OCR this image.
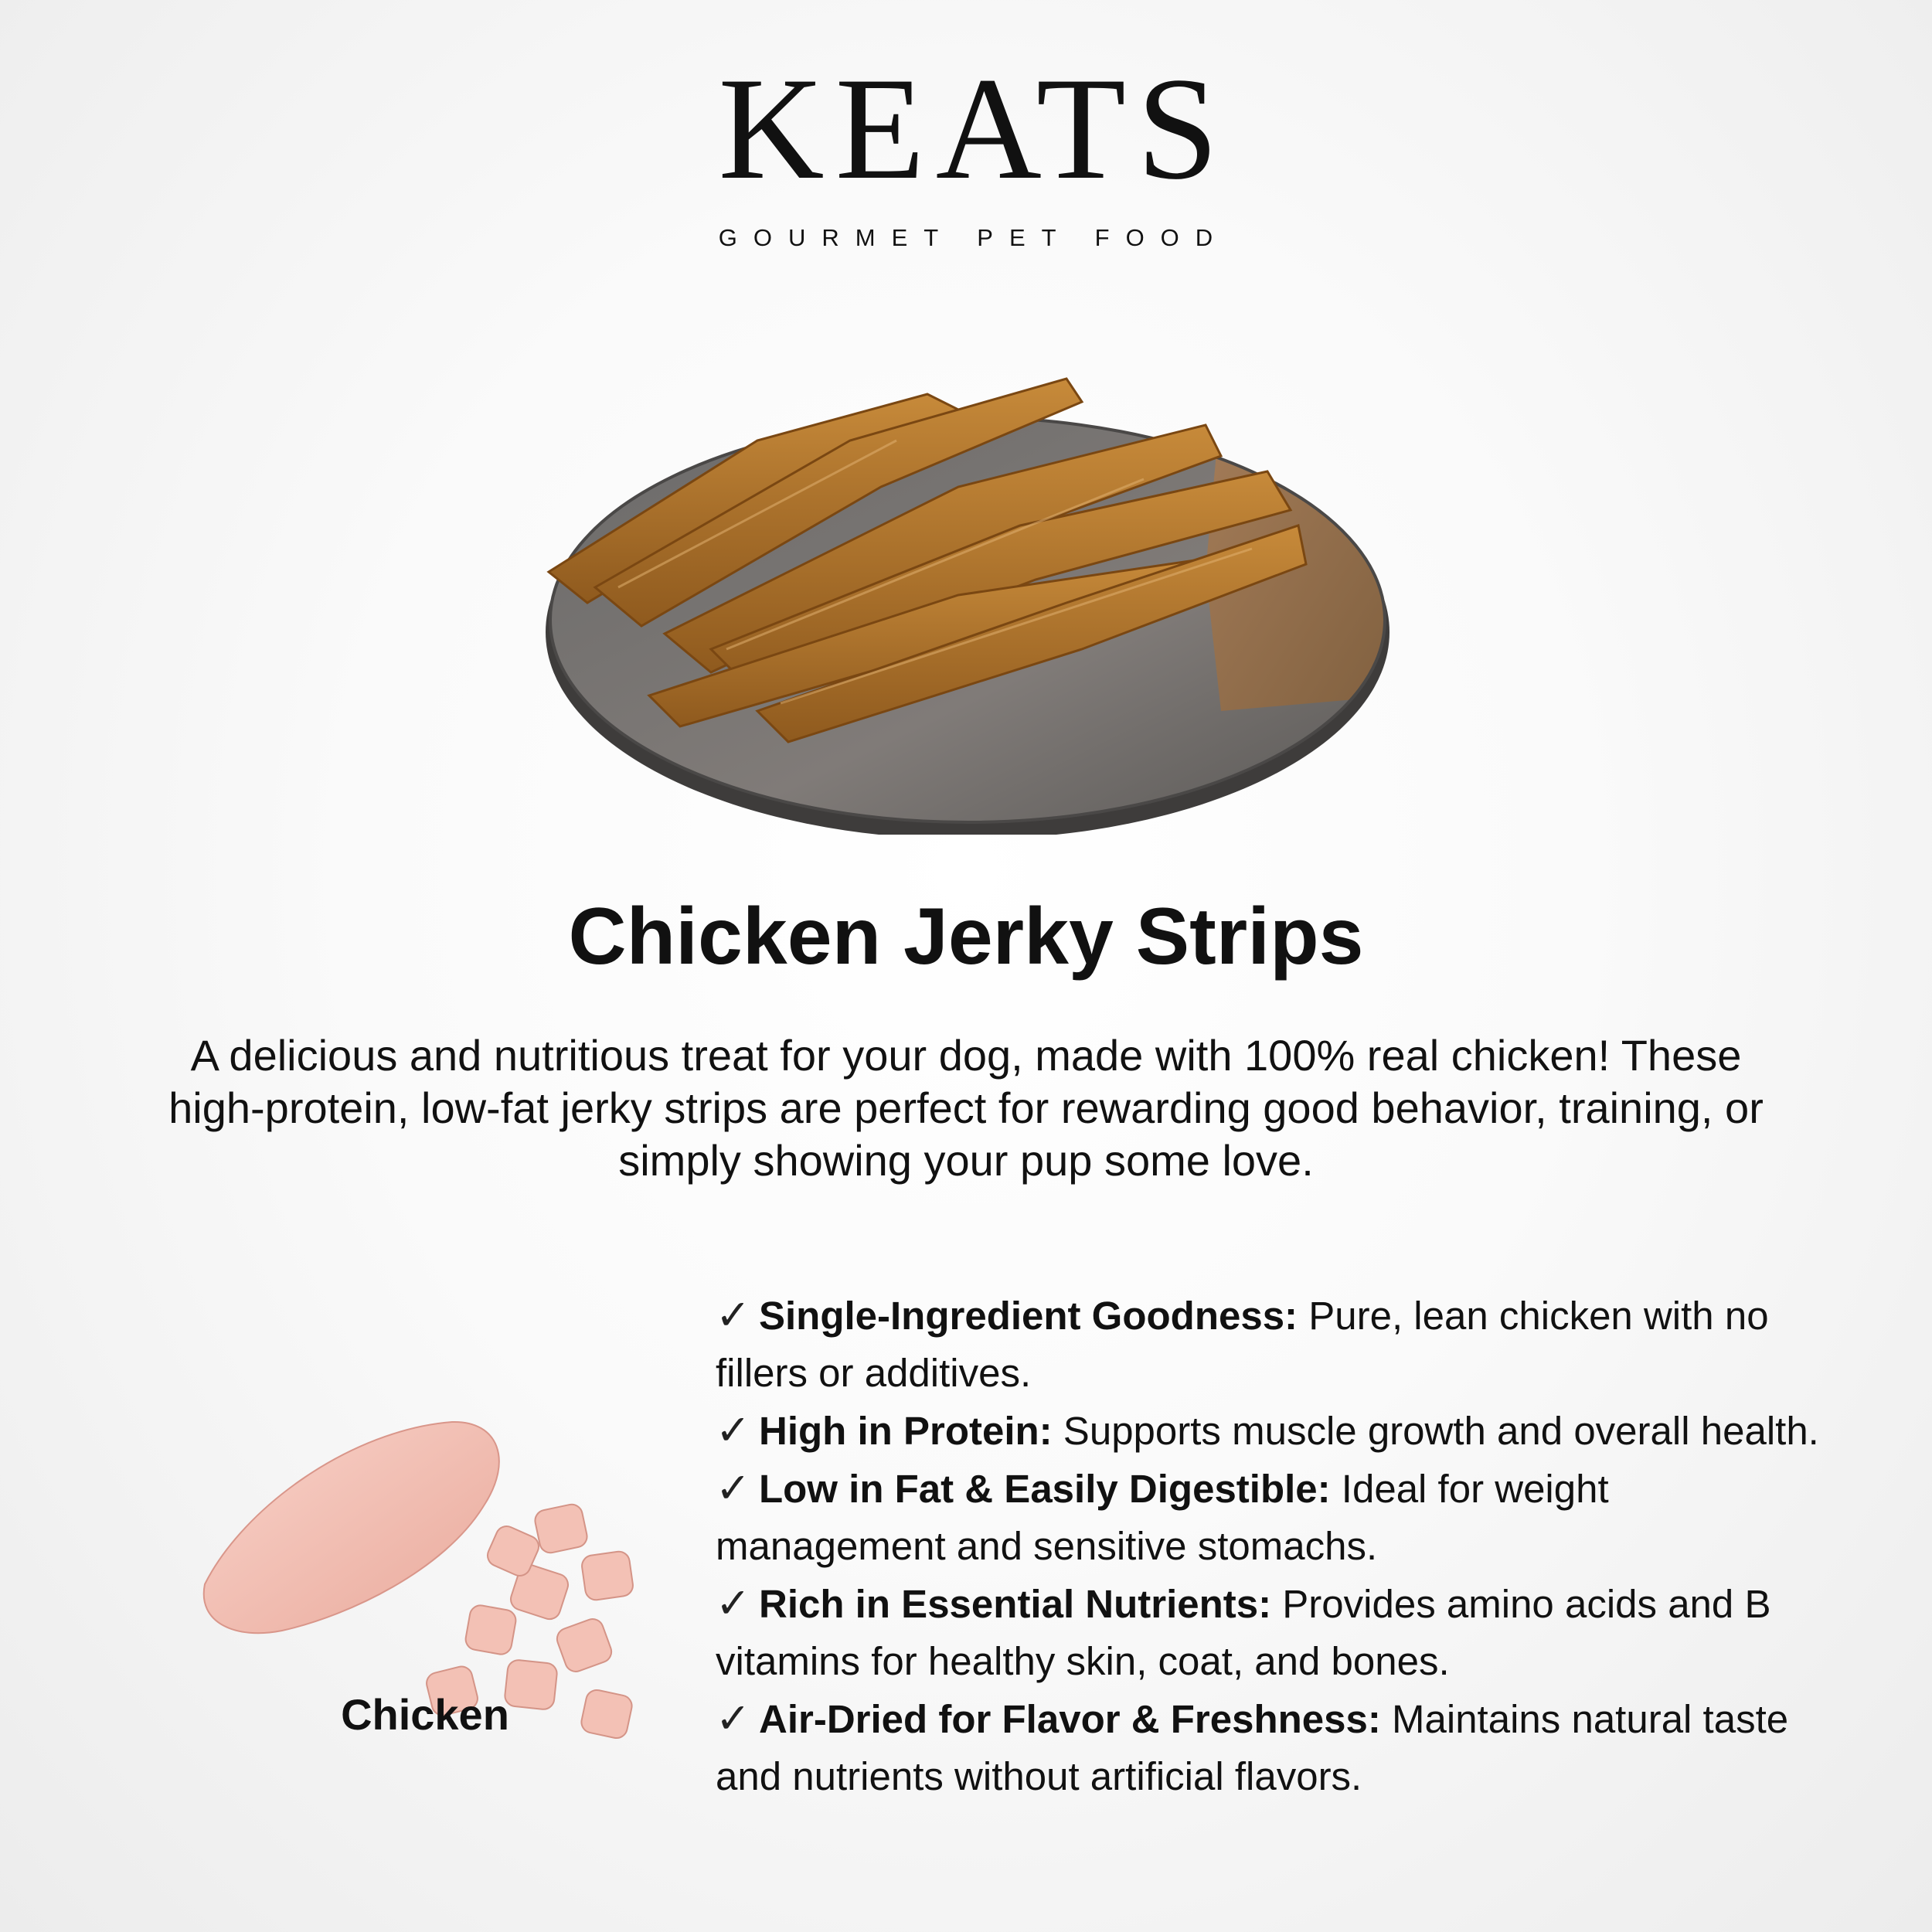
KEATS
GOURMET PET FOOD
Chicken Jerky Strips
A delicious and nutritious treat for your dog, made with 100% real chicken! These high-protein, low-fat jerky strips are perfect for rewarding good behavior, training, or simply showing your pup some love.
Chicken
✓ Single-Ingredient Goodness: Pure, lean chicken with no fillers or additives.
✓ High in Protein: Supports muscle growth and overall health.
✓ Low in Fat & Easily Digestible: Ideal for weight management and sensitive stomachs.
✓ Rich in Essential Nutrients: Provides amino acids and B vitamins for healthy skin, coat, and bones.
✓ Air-Dried for Flavor & Freshness: Maintains natural taste and nutrients without artificial flavors.
